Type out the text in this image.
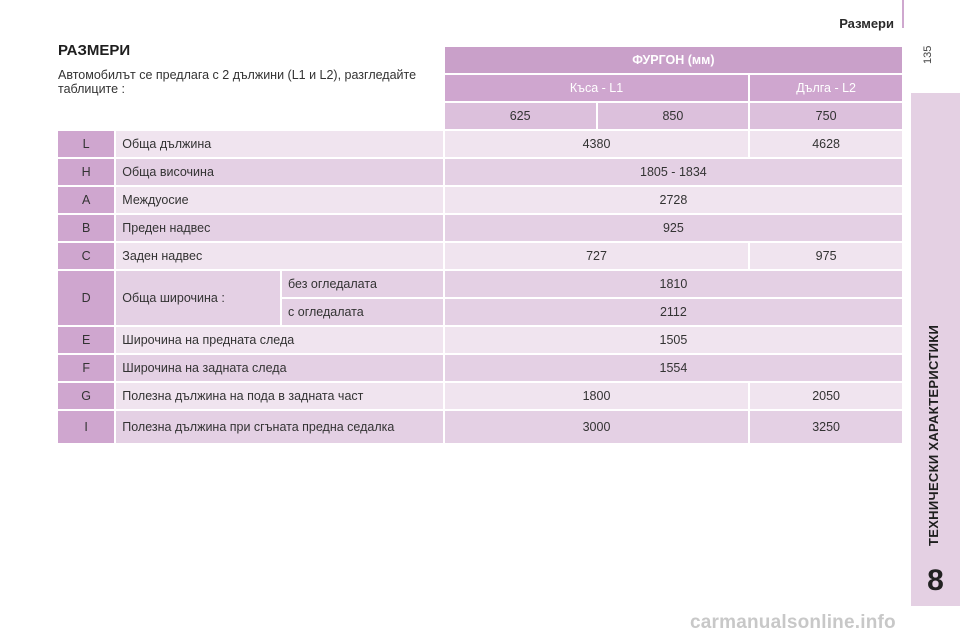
Размери
135
ТЕХНИЧЕСКИ ХАРАКТЕРИСТИКИ
8
			ФУРГОН (мм)		
			Къса - L1		Дълга - L2
			625	850	750
L	Обща дължина		4380		4628
H	Обща височина		1805 - 1834		
A	Междуосие		2728		
B	Преден надвес		925		
C	Заден надвес		727		975
D	Обща широчина :	без огледалата	1810		
		с огледалата	2112		
E	Широчина на предната следа		1505		
F	Широчина на задната следа		1554		
G	Полезна дължина на пода в задната част		1800		2050
I	Полезна дължина при сгъната предна седалка		3000		3250
РАЗМЕРИ
Автомобилът се предлага с 2 дължини (L1 и L2), разгледайте таблиците :
carmanualsonline.info
